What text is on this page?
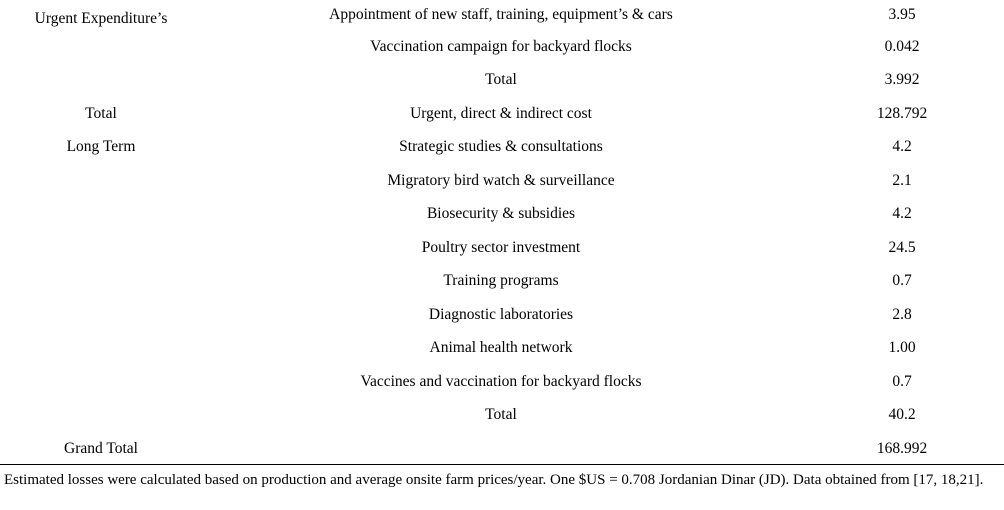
Urgent Expenditure’s	Appointment of new staff, training, equipment’s & cars	3.95
	Vaccination campaign for backyard flocks	0.042
	Total	3.992
Total	Urgent, direct & indirect cost	128.792
Long Term	Strategic studies & consultations	4.2
	Migratory bird watch & surveillance	2.1
	Biosecurity & subsidies	4.2
	Poultry sector investment	24.5
	Training programs	0.7
	Diagnostic laboratories	2.8
	Animal health network	1.00
	Vaccines and vaccination for backyard flocks	0.7
	Total	40.2
Grand Total		168.992
Estimated losses were calculated based on production and average onsite farm prices/year. One $US = 0.708 Jordanian Dinar (JD). Data obtained from [17, 18,21].
